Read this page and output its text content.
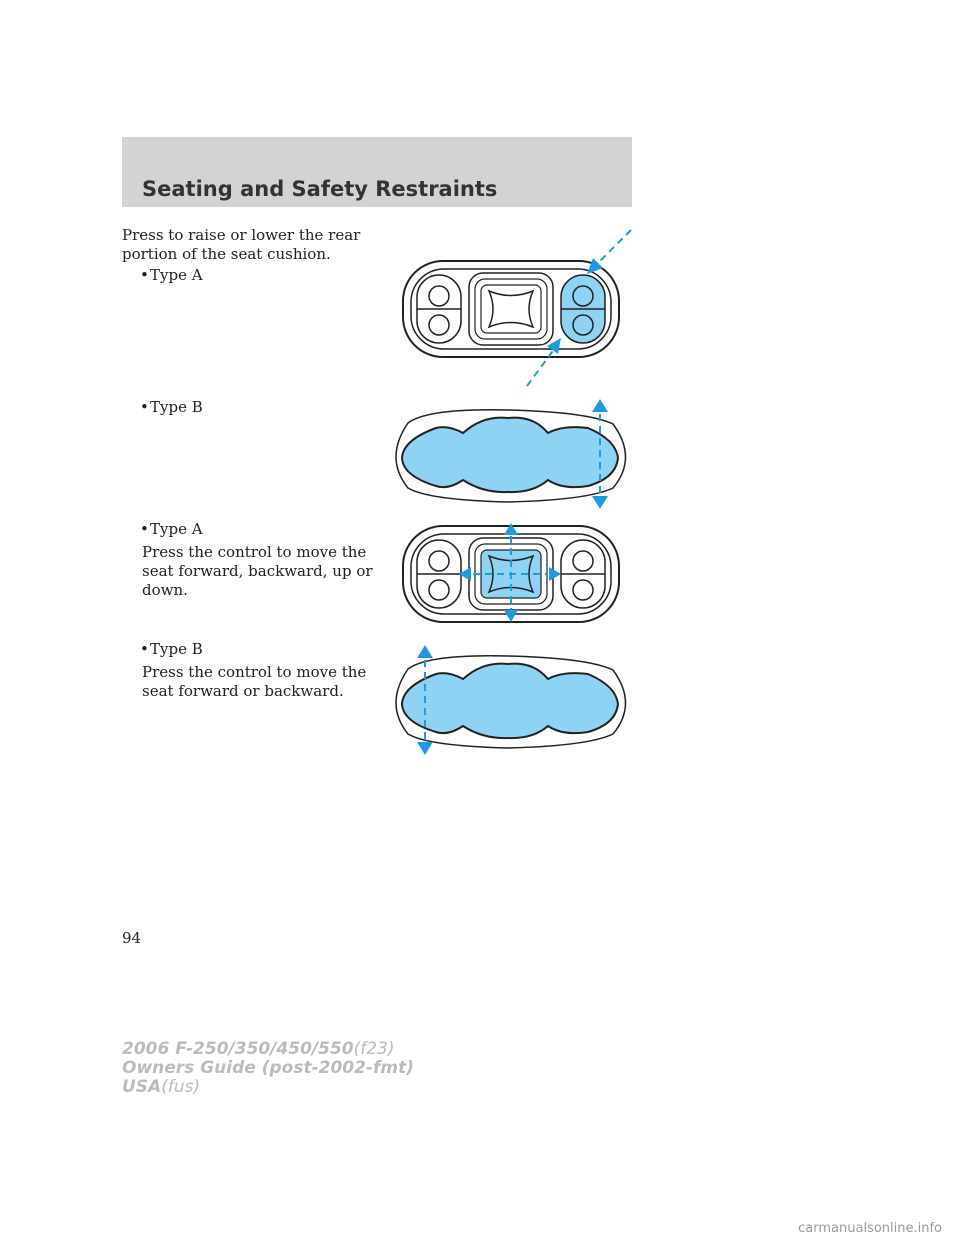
Seating and Safety Restraints
Press to raise or lower the rear portion of the seat cushion.
•Type A
•Type B
•Type A
Press the control to move the seat forward, backward, up or down.
•Type B
Press the control to move the seat forward or backward.
94
2006 F-250/350/450/550(f23)
Owners Guide (post-2002-fmt)
USA(fus)
carmanualsonline.info
